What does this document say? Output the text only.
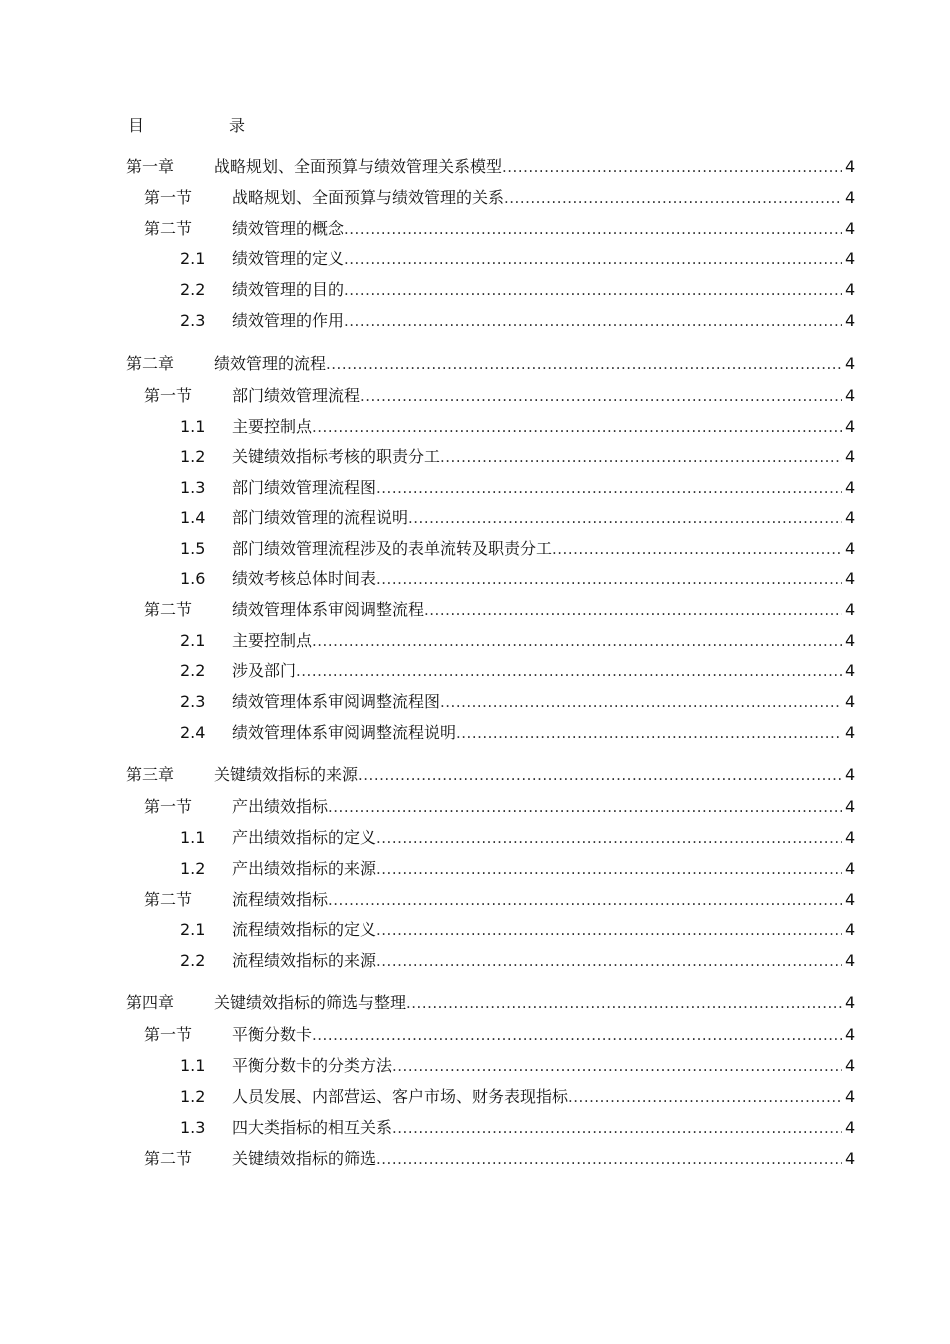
目	录
第一章 战略规划、全面预算与绩效管理关系模型 .....	4
第一节 战略规划、全面预算与绩效管理的关系 .....	4
第二节 绩效管理的概念 .....	4
2.1 绩效管理的定义 .....	4
2.2 绩效管理的目的 .....	4
2.3 绩效管理的作用 .....	4
第二章 绩效管理的流程 .....	4
第一节 部门绩效管理流程 .....	4
1.1 主要控制点 .....	4
1.2 关键绩效指标考核的职责分工 .....	4
1.3 部门绩效管理流程图 .....	4
1.4 部门绩效管理的流程说明 .....	4
1.5 部门绩效管理流程涉及的表单流转及职责分工 .....	4
1.6 绩效考核总体时间表 .....	4
第二节 绩效管理体系审阅调整流程 .....	4
2.1 主要控制点 .....	4
2.2 涉及部门 .....	4
2.3 绩效管理体系审阅调整流程图 .....	4
2.4 绩效管理体系审阅调整流程说明 .....	4
第三章 关键绩效指标的来源 .....	4
第一节 产出绩效指标 .....	4
1.1 产出绩效指标的定义 .....	4
1.2 产出绩效指标的来源 .....	4
第二节 流程绩效指标 .....	4
2.1 流程绩效指标的定义 .....	4
2.2 流程绩效指标的来源 .....	4
第四章 关键绩效指标的筛选与整理 .....	4
第一节 平衡分数卡 .....	4
1.1 平衡分数卡的分类方法 .....	4
1.2 人员发展、内部营运、客户市场、财务表现指标 .....	4
1.3 四大类指标的相互关系 .....	4
第二节 关键绩效指标的筛选 .....	4
